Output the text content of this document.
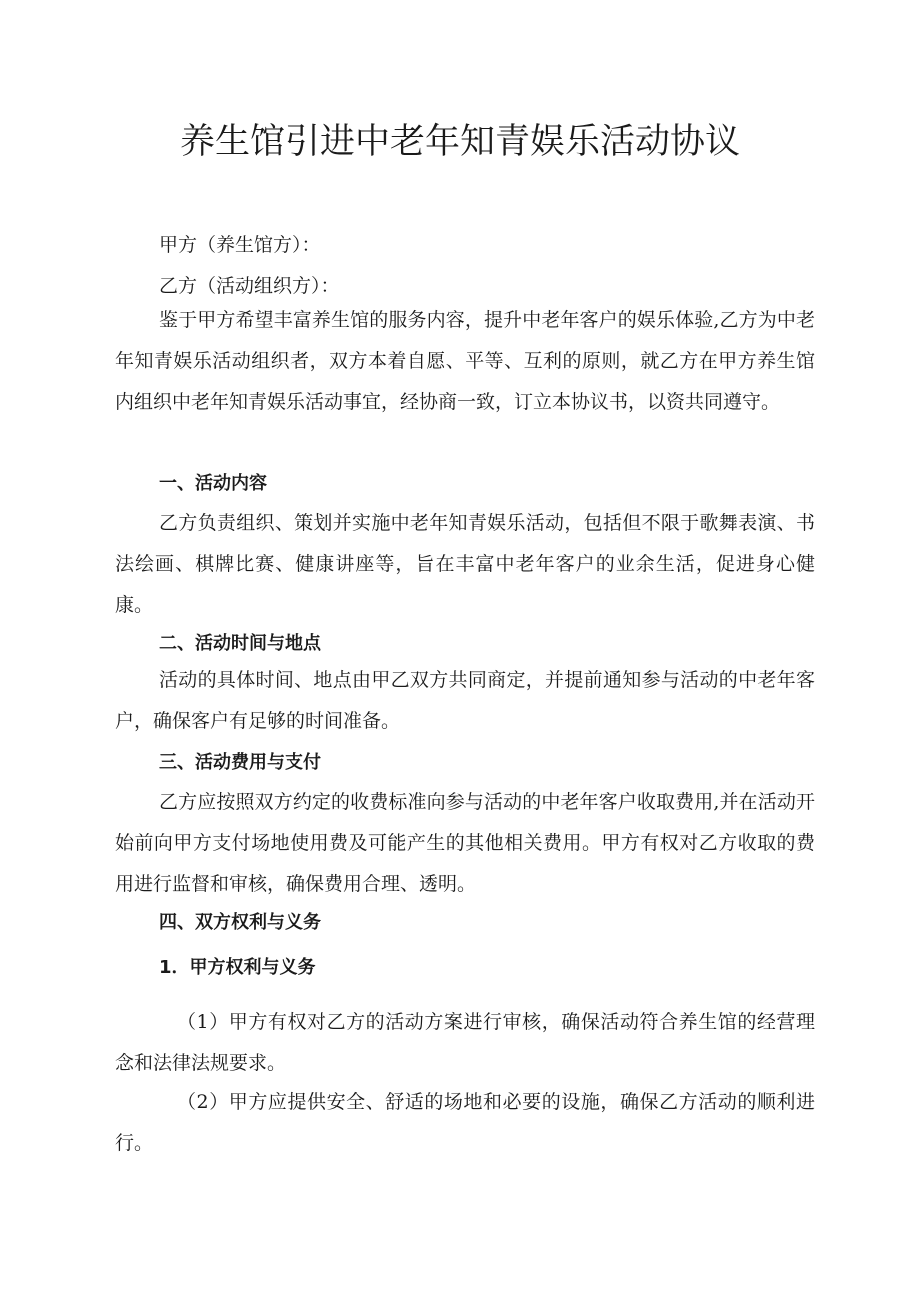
养生馆引进中老年知青娱乐活动协议

甲方（养生馆方）：

乙方（活动组织方）：

鉴于甲方希望丰富养生馆的服务内容，提升中老年客户的娱乐体验,乙方为中老年知青娱乐活动组织者，双方本着自愿、平等、互利的原则，就乙方在甲方养生馆内组织中老年知青娱乐活动事宜，经协商一致，订立本协议书，以资共同遵守。

一、活动内容

乙方负责组织、策划并实施中老年知青娱乐活动，包括但不限于歌舞表演、书法绘画、棋牌比赛、健康讲座等，旨在丰富中老年客户的业余生活，促进身心健康。

二、活动时间与地点

活动的具体时间、地点由甲乙双方共同商定，并提前通知参与活动的中老年客户，确保客户有足够的时间准备。

三、活动费用与支付

乙方应按照双方约定的收费标准向参与活动的中老年客户收取费用,并在活动开始前向甲方支付场地使用费及可能产生的其他相关费用。甲方有权对乙方收取的费用进行监督和审核，确保费用合理、透明。

四、双方权利与义务

1．甲方权利与义务

（1）甲方有权对乙方的活动方案进行审核，确保活动符合养生馆的经营理念和法律法规要求。

（2）甲方应提供安全、舒适的场地和必要的设施，确保乙方活动的顺利进行。
